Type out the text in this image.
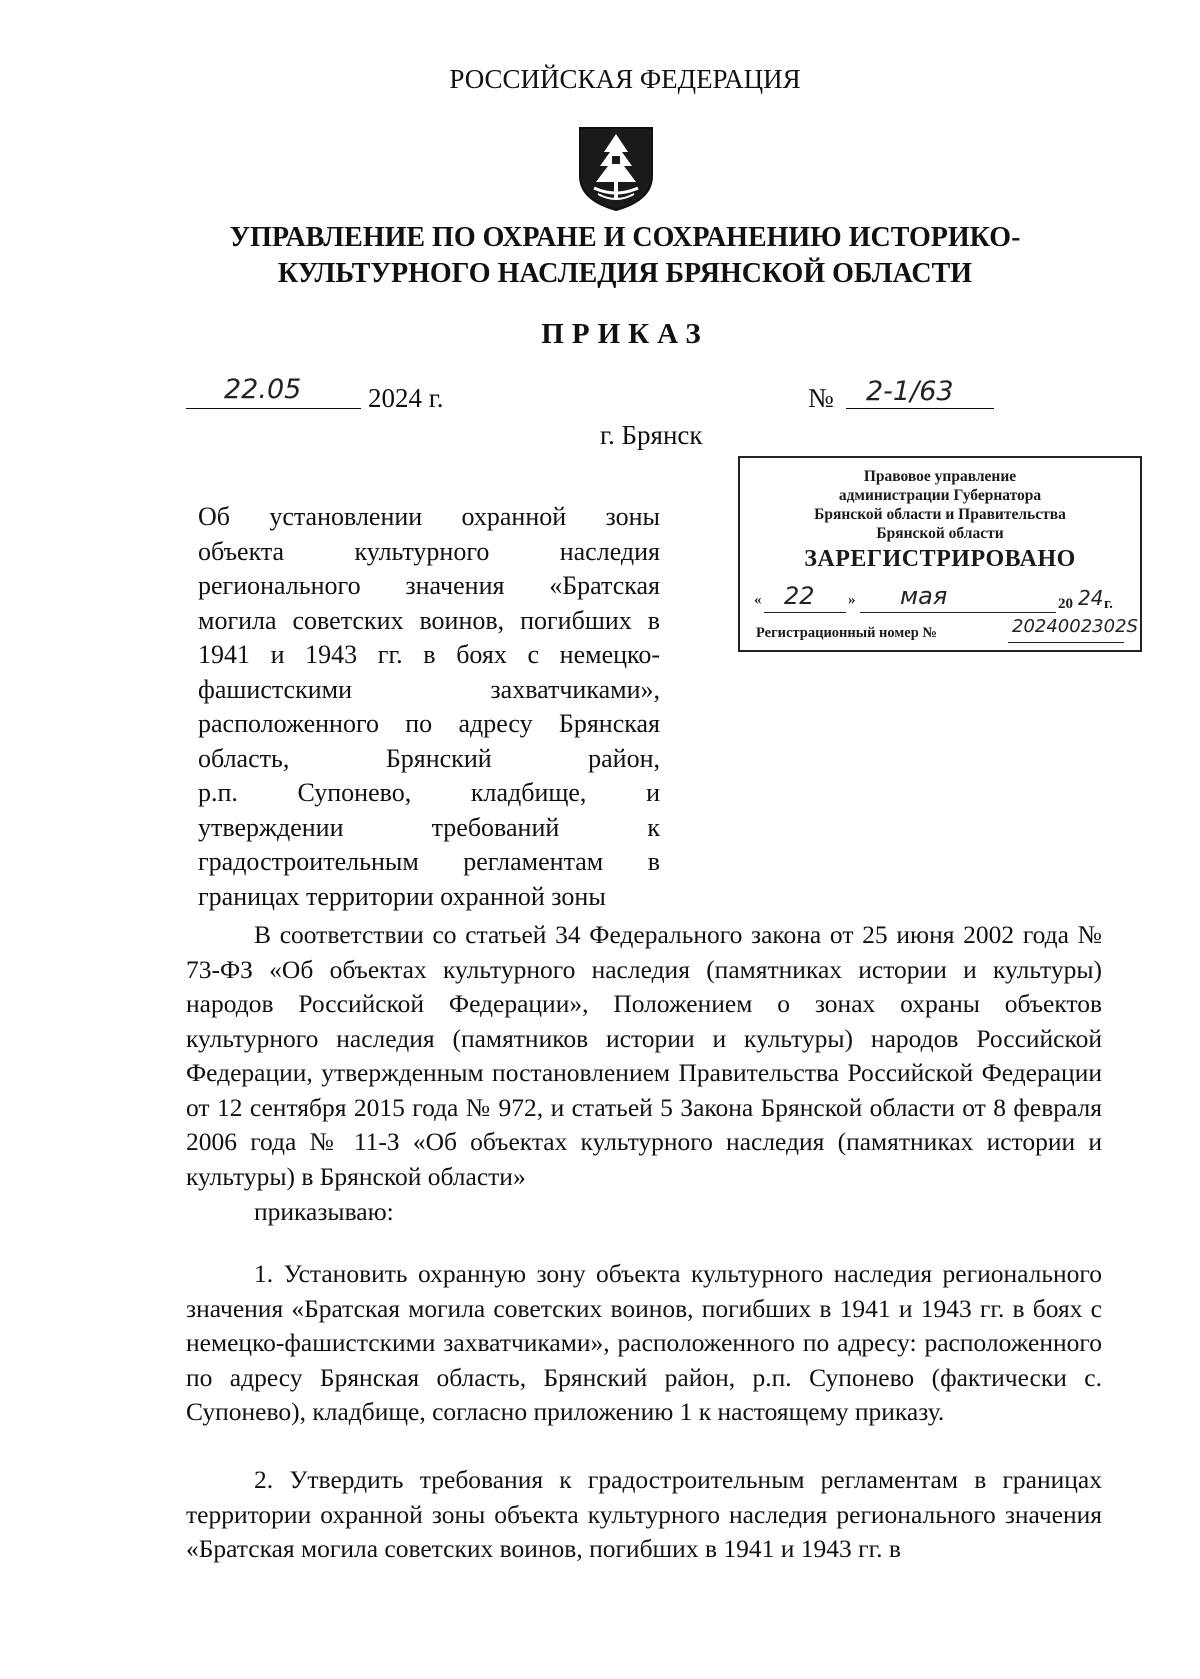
РОССИЙСКАЯ ФЕДЕРАЦИЯ
УПРАВЛЕНИЕ ПО ОХРАНЕ И СОХРАНЕНИЮ ИСТОРИКО-
КУЛЬТУРНОГО НАСЛЕДИЯ БРЯНСКОЙ ОБЛАСТИ
ПРИКАЗ
22.05 2024 г.	№ 2-1/63
г. Брянск
Правовое управление
администрации Губернатора
Брянской области и Правительства
Брянской области
ЗАРЕГИСТРИРОВАНО
« 22 » мая	20 24 г.
Регистрационный номер №	2024002302S
Об установлении охранной зоны
объекта культурного наследия
регионального значения «Братская
могила советских воинов, погибших в
1941 и 1943 гг. в боях с немецко-
фашистскими захватчиками»,
расположенного по адресу Брянская
область, Брянский район,
р.п. Супонево, кладбище, и
утверждении требований к
градостроительным регламентам в
границах территории охранной зоны

В соответствии со статьей 34 Федерального закона от 25 июня 2002 года № 73-ФЗ «Об объектах культурного наследия (памятниках истории и культуры) народов Российской Федерации», Положением о зонах охраны объектов культурного наследия (памятников истории и культуры) народов Российской Федерации, утвержденным постановлением Правительства Российской Федерации от 12 сентября 2015 года № 972, и статьей 5 Закона Брянской области от 8 февраля 2006 года № 11-З «Об объектах культурного наследия (памятниках истории и культуры) в Брянской области»

приказываю:

1. Установить охранную зону объекта культурного наследия регионального значения «Братская могила советских воинов, погибших в 1941 и 1943 гг. в боях с немецко-фашистскими захватчиками», расположенного по адресу: расположенного по адресу Брянская область, Брянский район, р.п. Супонево (фактически с. Супонево), кладбище, согласно приложению 1 к настоящему приказу.

2. Утвердить требования к градостроительным регламентам в границах территории охранной зоны объекта культурного наследия регионального значения «Братская могила советских воинов, погибших в 1941 и 1943 гг. в
